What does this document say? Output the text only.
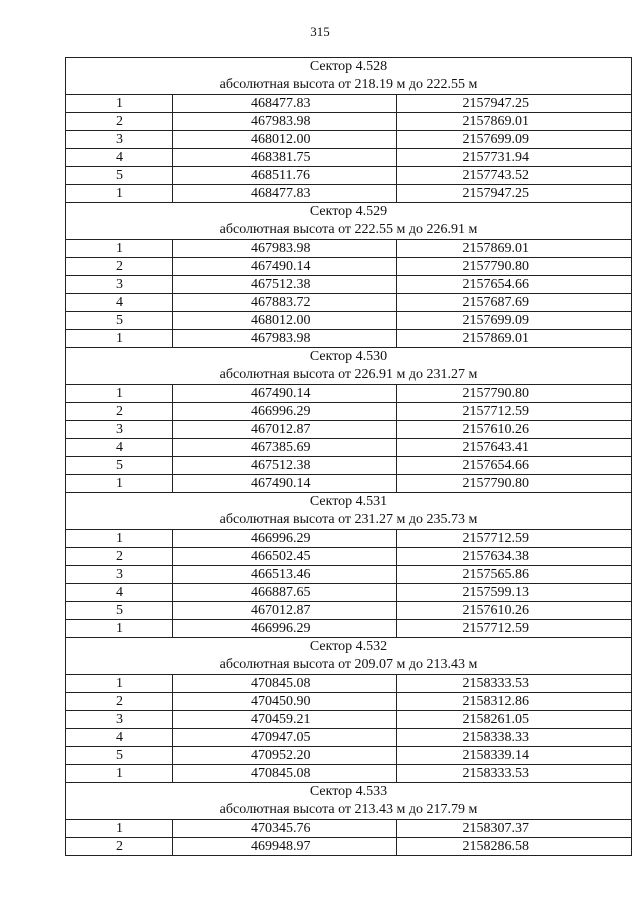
315
Сектор 4.528
абсолютная высота от 218.19 м до 222.55 м		

1	468477.83	2157947.25
2	467983.98	2157869.01
3	468012.00	2157699.09
4	468381.75	2157731.94
5	468511.76	2157743.52
1	468477.83	2157947.25

Сектор 4.529
абсолютная высота от 222.55 м до 226.91 м		

1	467983.98	2157869.01
2	467490.14	2157790.80
3	467512.38	2157654.66
4	467883.72	2157687.69
5	468012.00	2157699.09
1	467983.98	2157869.01

Сектор 4.530
абсолютная высота от 226.91 м до 231.27 м		

1	467490.14	2157790.80
2	466996.29	2157712.59
3	467012.87	2157610.26
4	467385.69	2157643.41
5	467512.38	2157654.66
1	467490.14	2157790.80

Сектор 4.531
абсолютная высота от 231.27 м до 235.73 м		

1	466996.29	2157712.59
2	466502.45	2157634.38
3	466513.46	2157565.86
4	466887.65	2157599.13
5	467012.87	2157610.26
1	466996.29	2157712.59

Сектор 4.532
абсолютная высота от 209.07 м до 213.43 м		

1	470845.08	2158333.53
2	470450.90	2158312.86
3	470459.21	2158261.05
4	470947.05	2158338.33
5	470952.20	2158339.14
1	470845.08	2158333.53

Сектор 4.533
абсолютная высота от 213.43 м до 217.79 м		

1	470345.76	2158307.37
2	469948.97	2158286.58
